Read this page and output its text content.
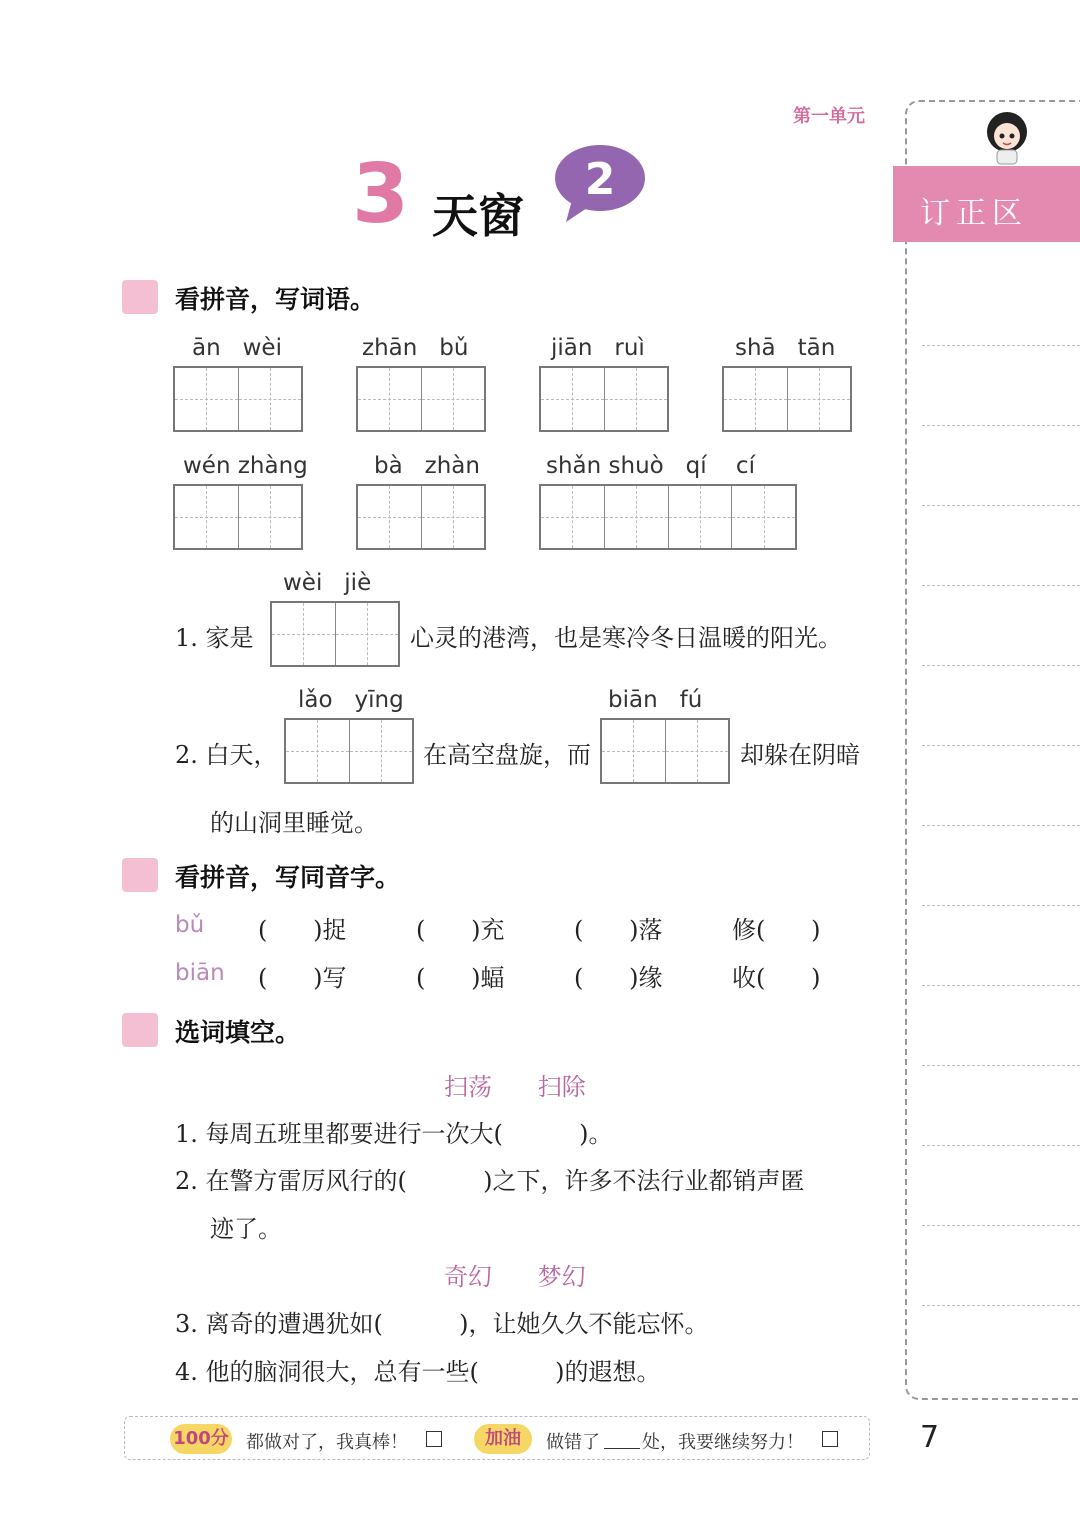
第一单元
3 天窗
2
订正区
7
看拼音，写词语。
ān   wèi	zhān   bǔ	jiān   ruì	shā   tān
wén zhàng	bà   zhàn	shǎn shuò   qí    cí
wèi   jiè
1. 家是	心灵的港湾，也是寒冷冬日温暖的阳光。
lǎo   yīng	biān   fú
2. 白天，	在高空盘旋，而	却躲在阴暗
的山洞里睡觉。
看拼音，写同音字。
bǔ (      )捉	(      )充	(      )落	修(      )
biān (      )写	(      )蝠	(      )缘	收(      )
选词填空。
扫荡      扫除
1. 每周五班里都要进行一次大(          )。
2. 在警方雷厉风行的(          )之下，许多不法行业都销声匿
迹了。
奇幻      梦幻
3. 离奇的遭遇犹如(          )，让她久久不能忘怀。
4. 他的脑洞很大，总有一些(          )的遐想。
100分 都做对了，我真棒！	加油	做错了 处，我要继续努力！
